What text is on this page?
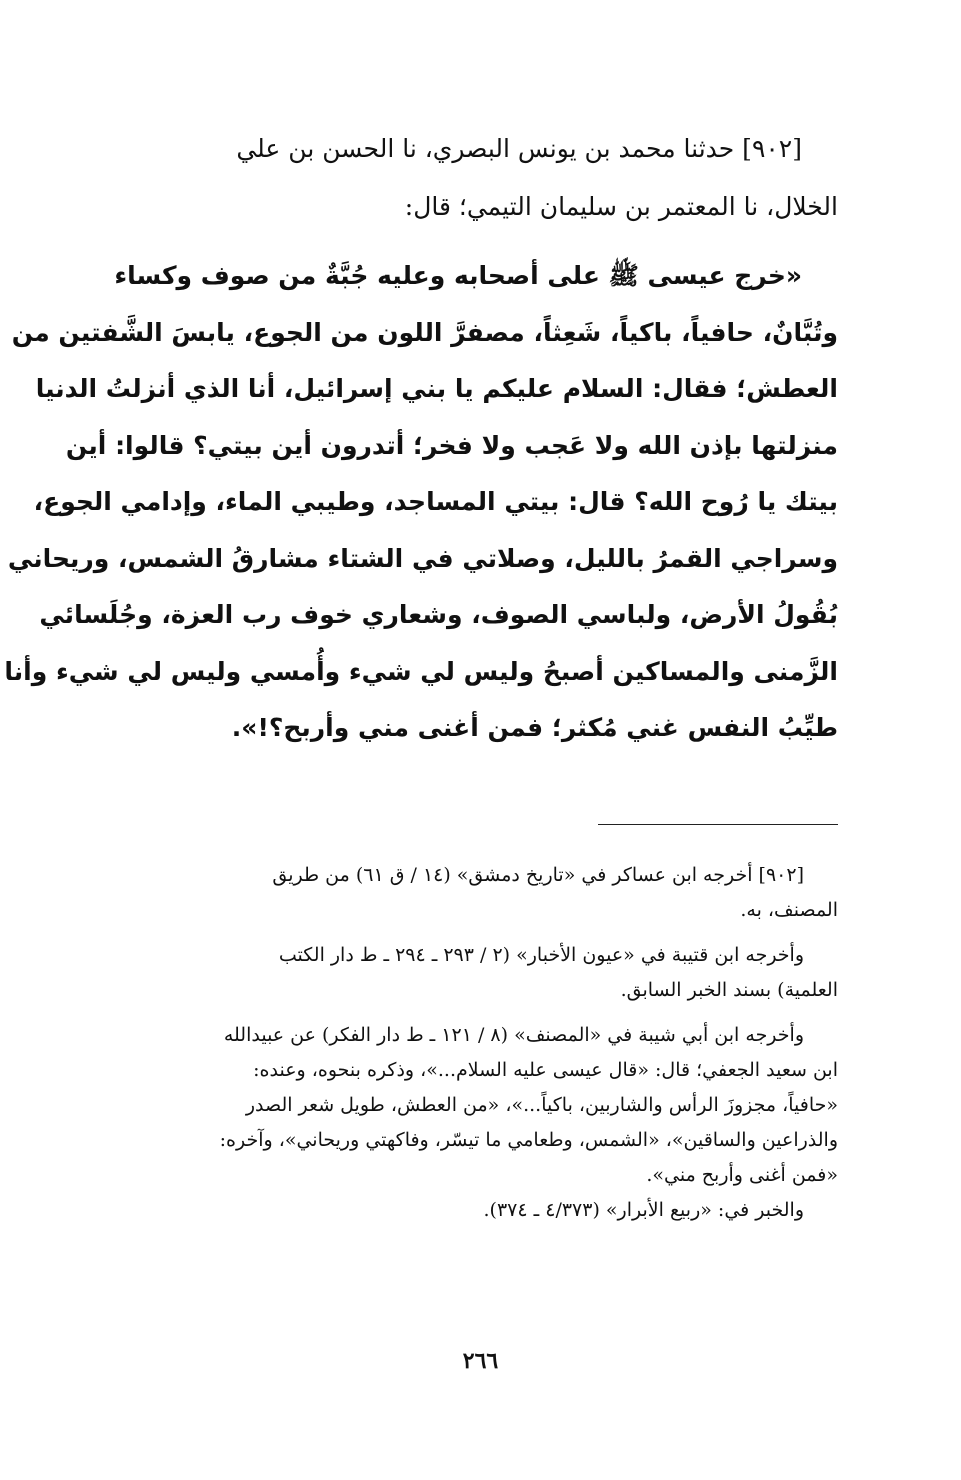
[٩٠٢] حدثنا محمد بن يونس البصري، نا الحسن بن علي
الخلال، نا المعتمر بن سليمان التيمي؛ قال:
«خرج عيسى ﷺ على أصحابه وعليه جُبَّةٌ من صوف وكساء
وتُبَّانٌ، حافياً، باكياً، شَعِثاً، مصفرَّ اللون من الجوع، يابسَ الشَّفتين من
العطش؛ فقال: السلام عليكم يا بني إسرائيل، أنا الذي أنزلتُ الدنيا
منزلتها بإذن الله ولا عَجب ولا فخر؛ أتدرون أين بيتي؟ قالوا: أين
بيتك يا رُوح الله؟ قال: بيتي المساجد، وطيبي الماء، وإدامي الجوع،
وسراجي القمرُ بالليل، وصلاتي في الشتاء مشارقُ الشمس، وريحاني
بُقُولُ الأرض، ولباسي الصوف، وشعاري خوف رب العزة، وجُلَسائي
الزَّمنى والمساكين أصبحُ وليس لي شيء وأُمسي وليس لي شيء وأنا
طيِّبُ النفس غني مُكثر؛ فمن أغنى مني وأربح؟!».
[٩٠٢] أخرجه ابن عساكر في «تاريخ دمشق» (١٤ / ق ٦١) من طريق
المصنف، به.
وأخرجه ابن قتيبة في «عيون الأخبار» (٢ / ٢٩٣ ـ ٢٩٤ ـ ط دار الكتب
العلمية) بسند الخبر السابق.
وأخرجه ابن أبي شيبة في «المصنف» (٨ / ١٢١ ـ ط دار الفكر) عن عبيدالله
ابن سعيد الجعفي؛ قال: «قال عيسى عليه السلام...»، وذكره بنحوه، وعنده:
«حافياً، مجزوزَ الرأس والشاربين، باكياً...»، «من العطش، طويل شعر الصدر
والذراعين والساقين»، «الشمس، وطعامي ما تيسّر، وفاكهتي وريحاني»، وآخره:
«فمن أغنى وأربح مني».
والخبر في: «ربيع الأبرار» (٤/٣٧٣ ـ ٣٧٤).
٢٦٦
